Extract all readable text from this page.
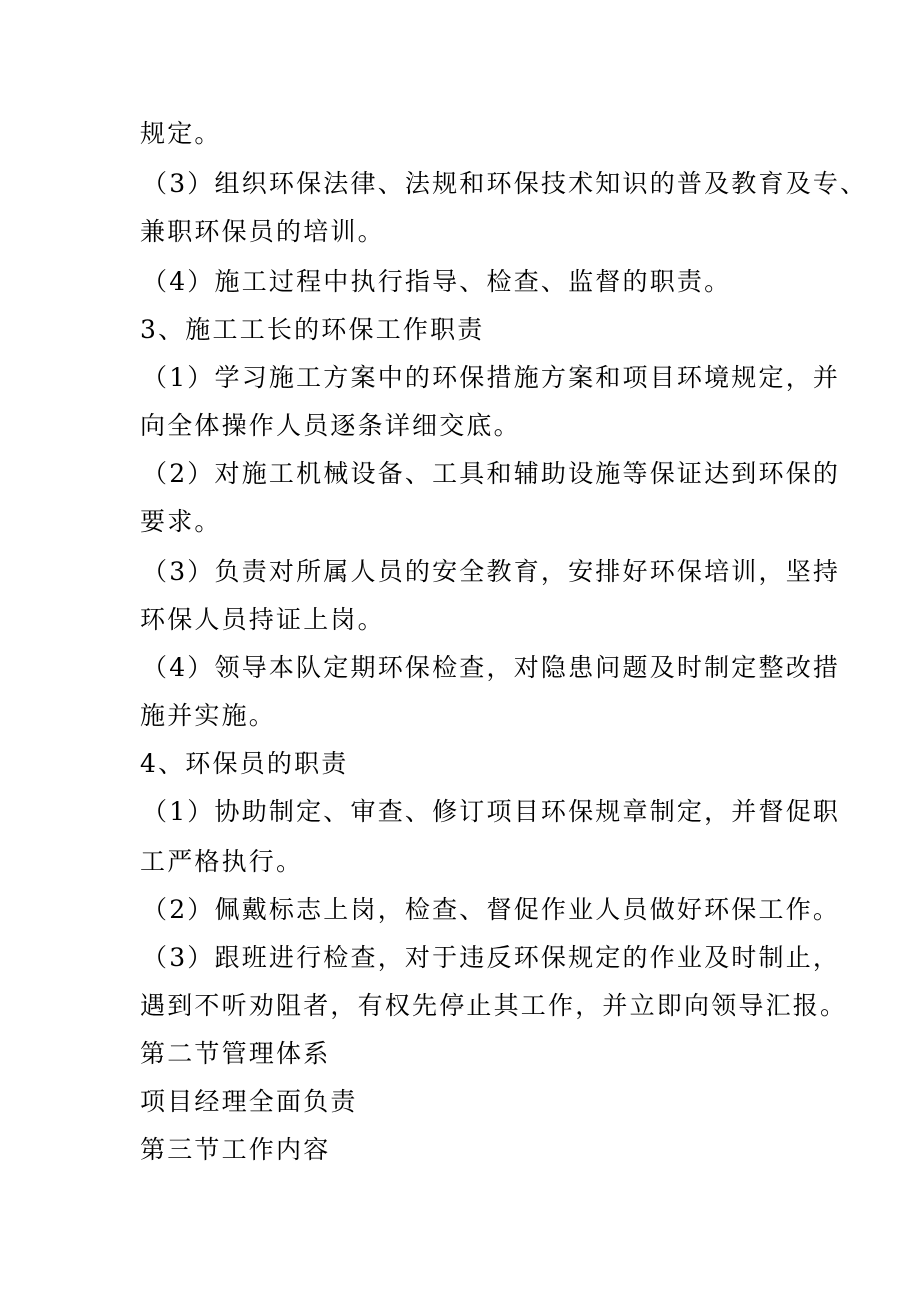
规定。
（3）组织环保法律、法规和环保技术知识的普及教育及专、
兼职环保员的培训。
（4）施工过程中执行指导、检查、监督的职责。
3、施工工长的环保工作职责
（1）学习施工方案中的环保措施方案和项目环境规定，并
向全体操作人员逐条详细交底。
（2）对施工机械设备、工具和辅助设施等保证达到环保的
要求。
（3）负责对所属人员的安全教育，安排好环保培训，坚持
环保人员持证上岗。
（4）领导本队定期环保检查，对隐患问题及时制定整改措
施并实施。
4、环保员的职责
（1）协助制定、审查、修订项目环保规章制定，并督促职
工严格执行。
（2）佩戴标志上岗，检查、督促作业人员做好环保工作。
（3）跟班进行检查，对于违反环保规定的作业及时制止，
遇到不听劝阻者，有权先停止其工作，并立即向领导汇报。
第二节管理体系
项目经理全面负责
第三节工作内容
